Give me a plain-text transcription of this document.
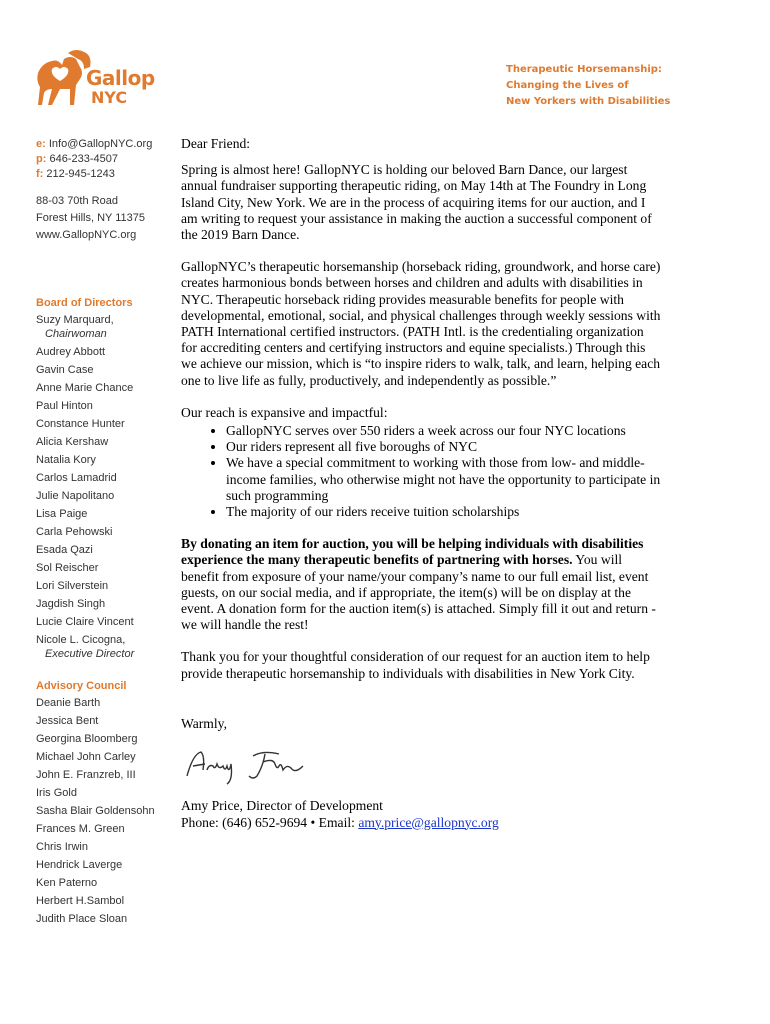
Gallop
NYC
Therapeutic Horsemanship:
Changing the Lives of
New Yorkers with Disabilities
e: Info@GallopNYC.org
p: 646-233-4507
f: 212-945-1243
88-03 70th Road
Forest Hills, NY 11375
www.GallopNYC.org
Board of Directors
Suzy Marquard,
Chairwoman
Audrey Abbott
Gavin Case
Anne Marie Chance
Paul Hinton
Constance Hunter
Alicia Kershaw
Natalia Kory
Carlos Lamadrid
Julie Napolitano
Lisa Paige
Carla Pehowski
Esada Qazi
Sol Reischer
Lori Silverstein
Jagdish Singh
Lucie Claire Vincent
Nicole L. Cicogna,
Executive Director
Advisory Council
Deanie Barth
Jessica Bent
Georgina Bloomberg
Michael John Carley
John E. Franzreb, III
Iris Gold
Sasha Blair Goldensohn
Frances M. Green
Chris Irwin
Hendrick Laverge
Ken Paterno
Herbert H.Sambol
Judith Place Sloan

Dear Friend:

Spring is almost here! GallopNYC is holding our beloved Barn Dance, our largest annual fundraiser supporting therapeutic riding, on May 14th at The Foundry in Long Island City, New York. We are in the process of acquiring items for our auction, and I am writing to request your assistance in making the auction a successful component of the 2019 Barn Dance.

GallopNYC’s therapeutic horsemanship (horseback riding, groundwork, and horse care) creates harmonious bonds between horses and children and adults with disabilities in NYC. Therapeutic horseback riding provides measurable benefits for people with developmental, emotional, social, and physical challenges through weekly sessions with PATH International certified instructors. (PATH Intl. is the credentialing organization for accrediting centers and certifying instructors and equine specialists.) Through this we achieve our mission, which is “to inspire riders to walk, talk, and learn, helping each one to live life as fully, productively, and independently as possible.”

Our reach is expansive and impactful:

• GallopNYC serves over 550 riders a week across our four NYC locations
• Our riders represent all five boroughs of NYC
• We have a special commitment to working with those from low- and middle-income families, who otherwise might not have the opportunity to participate in such programming
• The majority of our riders receive tuition scholarships

By donating an item for auction, you will be helping individuals with disabilities experience the many therapeutic benefits of partnering with horses. You will benefit from exposure of your name/your company’s name to our full email list, event guests, on our social media, and if appropriate, the item(s) will be on display at the event. A donation form for the auction item(s) is attached. Simply fill it out and return - we will handle the rest!

Thank you for your thoughtful consideration of our request for an auction item to help provide therapeutic horsemanship to individuals with disabilities in New York City.

Warmly,

Amy Price, Director of Development

Phone: (646) 652-9694 • Email: amy.price@gallopnyc.org
